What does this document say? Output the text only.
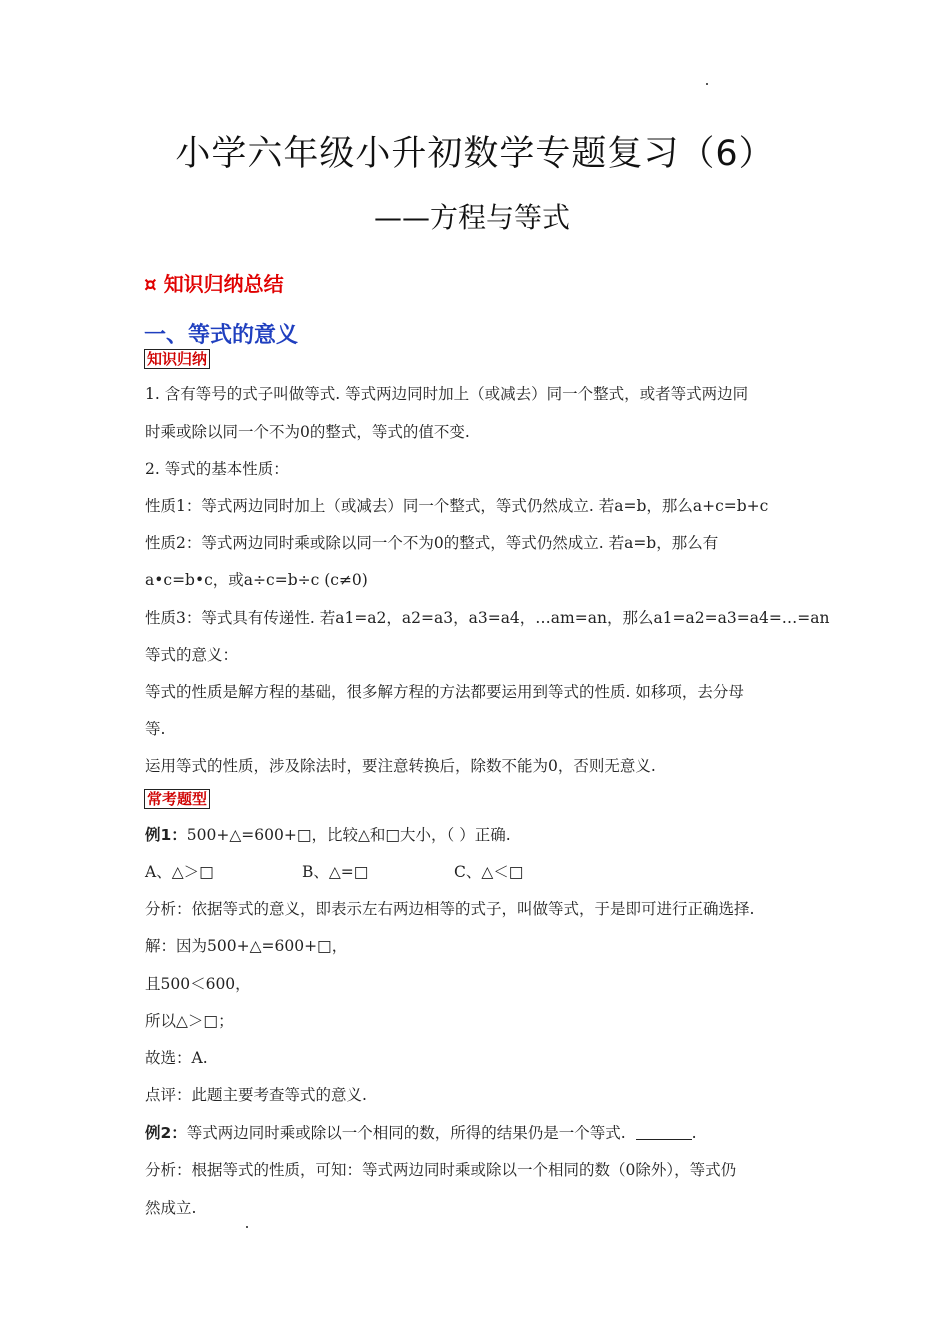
小学六年级小升初数学专题复习（6）
——方程与等式
¤ 知识归纳总结
一、等式的意义
知识归纳
1. 含有等号的式子叫做等式. 等式两边同时加上（或减去）同一个整式，或者等式两边同
时乘或除以同一个不为0的整式，等式的值不变.
2. 等式的基本性质：
性质1：等式两边同时加上（或减去）同一个整式，等式仍然成立. 若a=b，那么a+c=b+c
性质2：等式两边同时乘或除以同一个不为0的整式，等式仍然成立. 若a=b，那么有
a•c=b•c，或a÷c=b÷c (c≠0)
性质3：等式具有传递性. 若a1=a2，a2=a3，a3=a4，…am=an，那么a1=a2=a3=a4=…=an
等式的意义：
等式的性质是解方程的基础，很多解方程的方法都要运用到等式的性质. 如移项，去分母
等.
运用等式的性质，涉及除法时，要注意转换后，除数不能为0，否则无意义.
常考题型
例1：500+△=600+□，比较△和□大小，（ ）正确.
A、△＞□	B、△=□	C、△＜□
分析：依据等式的意义，即表示左右两边相等的式子，叫做等式，于是即可进行正确选择.
解：因为500+△=600+□，
且500＜600，
所以△＞□；
故选：A.
点评：此题主要考查等式的意义.
例2：等式两边同时乘或除以一个相同的数，所得的结果仍是一个等式.	.
分析：根据等式的性质，可知：等式两边同时乘或除以一个相同的数（0除外），等式仍
然成立.
